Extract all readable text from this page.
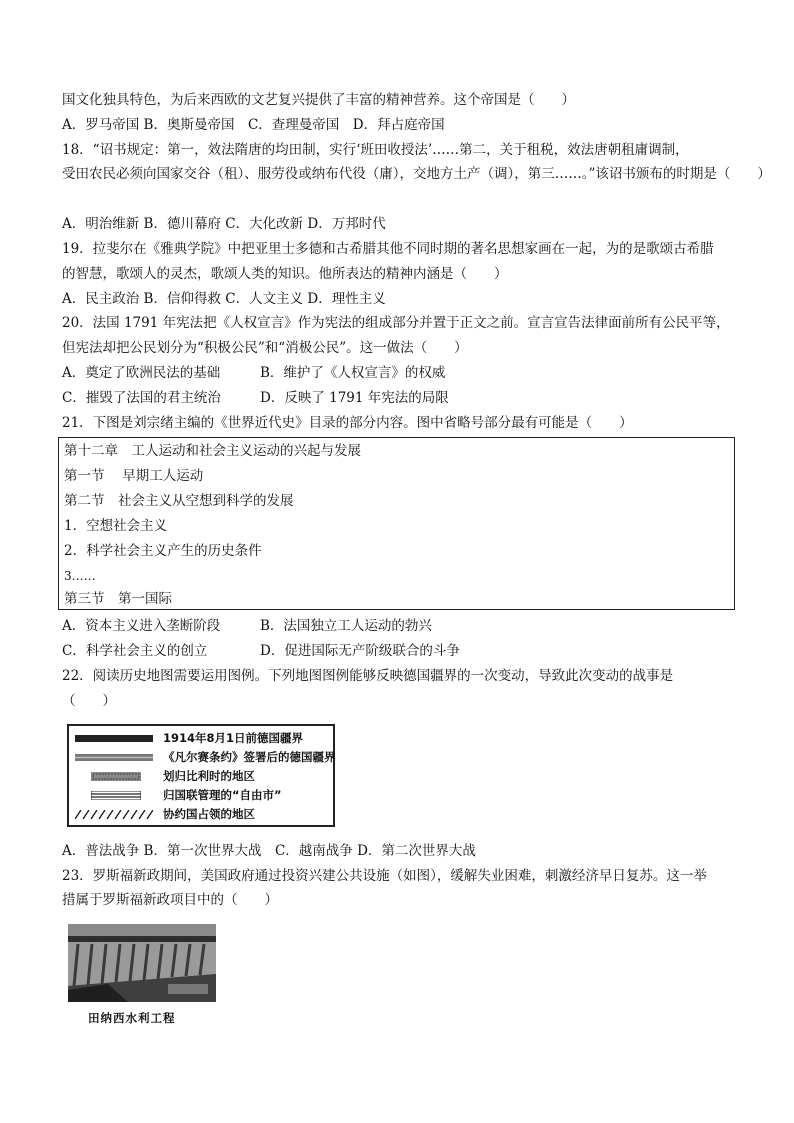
国文化独具特色，为后来西欧的文艺复兴提供了丰富的精神营养。这个帝国是（　　）
A．罗马帝国 B．奥斯曼帝国　C．查理曼帝国　D．拜占庭帝国
18．“诏书规定：第一，效法隋唐的均田制，实行‘班田收授法’……第二，关于租税，效法唐朝租庸调制，
受田农民必须向国家交谷（租）、服劳役或纳布代役（庸），交地方土产（调），第三……。”该诏书颁布的时期是（　　）
A．明治维新 B．德川幕府 C．大化改新 D．万邦时代
19．拉斐尔在《雅典学院》中把亚里士多德和古希腊其他不同时期的著名思想家画在一起，为的是歌颂古希腊
的智慧，歌颂人的灵杰，歌颂人类的知识。他所表达的精神内涵是（　　）
A．民主政治 B．信仰得救 C．人文主义 D．理性主义
20．法国 1791 年宪法把《人权宣言》作为宪法的组成部分并置于正文之前。宣言宣告法律面前所有公民平等，
但宪法却把公民划分为“积极公民”和“消极公民”。这一做法（　　）
A．奠定了欧洲民法的基础	B．维护了《人权宣言》的权威
C．摧毁了法国的君主统治	D．反映了 1791 年宪法的局限
21．下图是刘宗绪主编的《世界近代史》目录的部分内容。图中省略号部分最有可能是（　　）
第十二章　工人运动和社会主义运动的兴起与发展
第一节　 早期工人运动
第二节　社会主义从空想到科学的发展
1．空想社会主义
2．科学社会主义产生的历史条件
3……
第三节　第一国际
A．资本主义进入垄断阶段	B．法国独立工人运动的勃兴
C．科学社会主义的创立	D．促进国际无产阶级联合的斗争
22．阅读历史地图需要运用图例。下列地图图例能够反映德国疆界的一次变动，导致此次变动的战事是
（　　）
1914年8月1日前德国疆界
《凡尔赛条约》签署后的德国疆界
划归比利时的地区
归国联管理的“自由市”
协约国占领的地区
A．普法战争 B．第一次世界大战　C．越南战争 D．第二次世界大战
23．罗斯福新政期间，美国政府通过投资兴建公共设施（如图），缓解失业困难，刺激经济早日复苏。这一举
措属于罗斯福新政项目中的（　　）
田纳西水利工程
